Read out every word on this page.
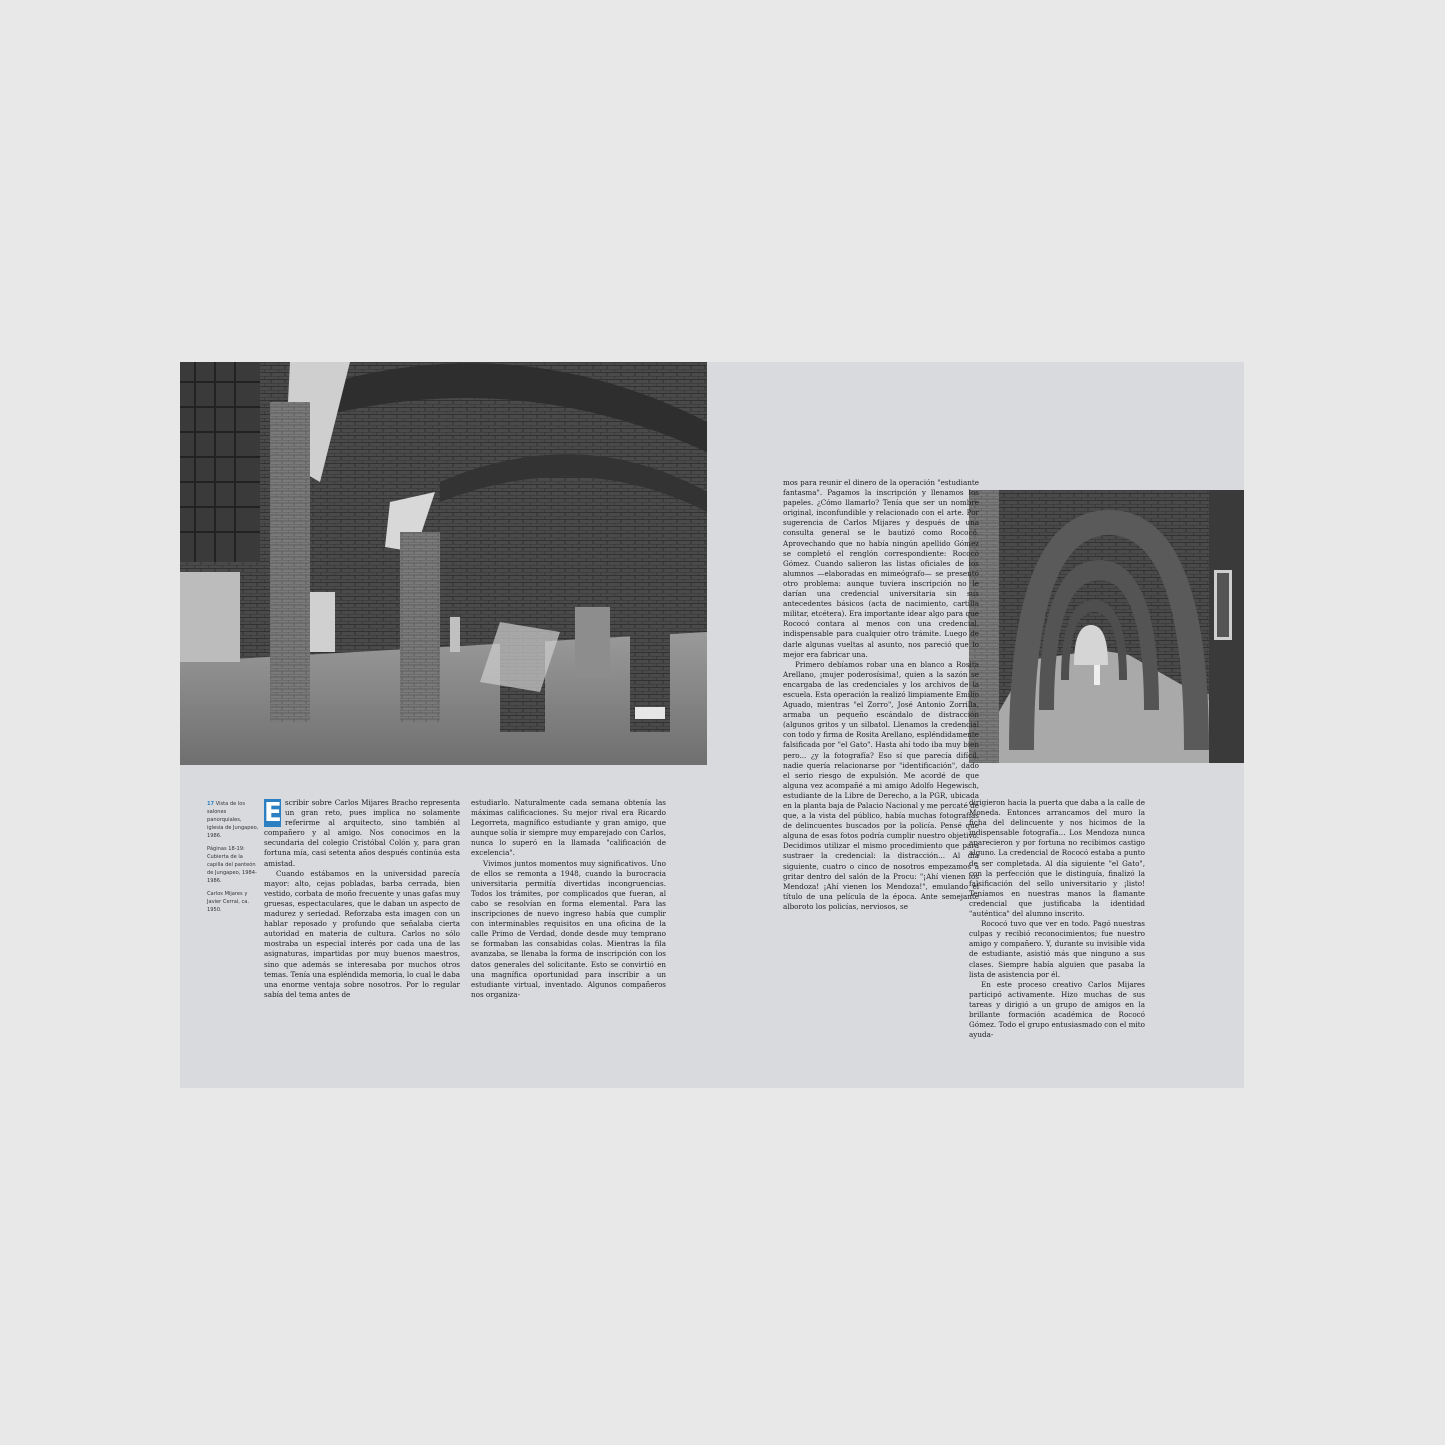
17 Vista de los salones panorquiales, iglesia de Jungapeo, 1986.

Páginas 18-19: Cubierta de la capilla del panteón de Jungapeo, 1984-1986.

Carlos Mijares y Javier Cerral, ca. 1950.

E scribir sobre Carlos Mijares Bracho representa un gran reto, pues implica no solamente referirme al arquitecto, sino también al compañero y al amigo. Nos conocimos en la secundaria del colegio Cristóbal Colón y, para gran fortuna mía, casi setenta años después continúa esta amistad.

Cuando estábamos en la universidad parecía mayor: alto, cejas pobladas, barba cerrada, bien vestido, corbata de moño frecuente y unas gafas muy gruesas, espectaculares, que le daban un aspecto de madurez y seriedad. Reforzaba esta imagen con un hablar reposado y profundo que señalaba cierta autoridad en materia de cultura. Carlos no sólo mostraba un especial interés por cada una de las asignaturas, impartidas por muy buenos maestros, sino que además se interesaba por muchos otros temas. Tenía una espléndida memoria, lo cual le daba una enorme ventaja sobre nosotros. Por lo regular sabía del tema antes de

estudiarlo. Naturalmente cada semana obtenía las máximas calificaciones. Su mejor rival era Ricardo Legorreta, magnífico estudiante y gran amigo, que aunque solía ir siempre muy emparejado con Carlos, nunca lo superó en la llamada "calificación de excelencia".

Vivimos juntos momentos muy significativos. Uno de ellos se remonta a 1948, cuando la burocracia universitaria permitía divertidas incongruencias. Todos los trámites, por complicados que fueran, al cabo se resolvían en forma elemental. Para las inscripciones de nuevo ingreso había que cumplir con interminables requisitos en una oficina de la calle Primo de Verdad, donde desde muy temprano se formaban las consabidas colas. Mientras la fila avanzaba, se llenaba la forma de inscripción con los datos generales del solicitante. Esto se convirtió en una magnífica oportunidad para inscribir a un estudiante virtual, inventado. Algunos compañeros nos organiza-

mos para reunir el dinero de la operación "estudiante fantasma". Pagamos la inscripción y llenamos los papeles. ¿Cómo llamarlo? Tenía que ser un nombre original, inconfundible y relacionado con el arte. Por sugerencia de Carlos Mijares y después de una consulta general se le bautizó como Rococó. Aprovechando que no había ningún apellido Gómez se completó el renglón correspondiente: Rococó Gómez. Cuando salieron las listas oficiales de los alumnos —elaboradas en mimeógrafo— se presentó otro problema: aunque tuviera inscripción no le darían una credencial universitaria sin sus antecedentes básicos (acta de nacimiento, cartilla militar, etcétera). Era importante idear algo para que Rococó contara al menos con una credencial, indispensable para cualquier otro trámite. Luego de darle algunas vueltas al asunto, nos pareció que lo mejor era fabricar una.

Primero debíamos robar una en blanco a Rosita Arellano, ¡mujer poderosísima!, quien a la sazón se encargaba de las credenciales y los archivos de la escuela. Esta operación la realizó limpiamente Emilio Aguado, mientras "el Zorro", José Antonio Zorrilla, armaba un pequeño escándalo de distracción (algunos gritos y un silbatol. Llenamos la credencial con todo y firma de Rosita Arellano, espléndidamente falsificada por "el Gato". Hasta ahí todo iba muy bien pero... ¿y la fotografía? Eso sí que parecía difícil, nadie quería relacionarse por "identificación", dado el serio riesgo de expulsión. Me acordé de que alguna vez acompañé a mi amigo Adolfo Hegewisch, estudiante de la Libre de Derecho, a la PGR, ubicada en la planta baja de Palacio Nacional y me percaté de que, a la vista del público, había muchas fotografías de delincuentes buscados por la policía. Pensé que alguna de esas fotos podría cumplir nuestro objetivo. Decidimos utilizar el mismo procedimiento que para sustraer la credencial: la distracción... Al día siguiente, cuatro o cinco de nosotros empezamos a gritar dentro del salón de la Procu: "¡Ahí vienen los Mendoza! ¡Ahí vienen los Mendoza!", emulando el título de una película de la época. Ante semejante alboroto los policías, nerviosos, se

dirigieron hacia la puerta que daba a la calle de Moneda. Entonces arrancamos del muro la ficha del delincuente y nos hicimos de la indispensable fotografía... Los Mendoza nunca aparecieron y por fortuna no recibimos castigo alguno. La credencial de Rococó estaba a punto de ser completada. Al día siguiente "el Gato", con la perfección que le distinguía, finalizó la falsificación del sello universitario y ¡listo! Teníamos en nuestras manos la flamante credencial que justificaba la identidad "auténtica" del alumno inscrito.

Rococó tuvo que ver en todo. Pagó nuestras culpas y recibió reconocimientos; fue nuestro amigo y compañero. Y, durante su invisible vida de estudiante, asistió más que ninguno a sus clases. Siempre había alguien que pasaba la lista de asistencia por él.

En este proceso creativo Carlos Mijares participó activamente. Hizo muchas de sus tareas y dirigió a un grupo de amigos en la brillante formación académica de Rococó Gómez. Todo el grupo entusiasmado con el mito ayuda-
